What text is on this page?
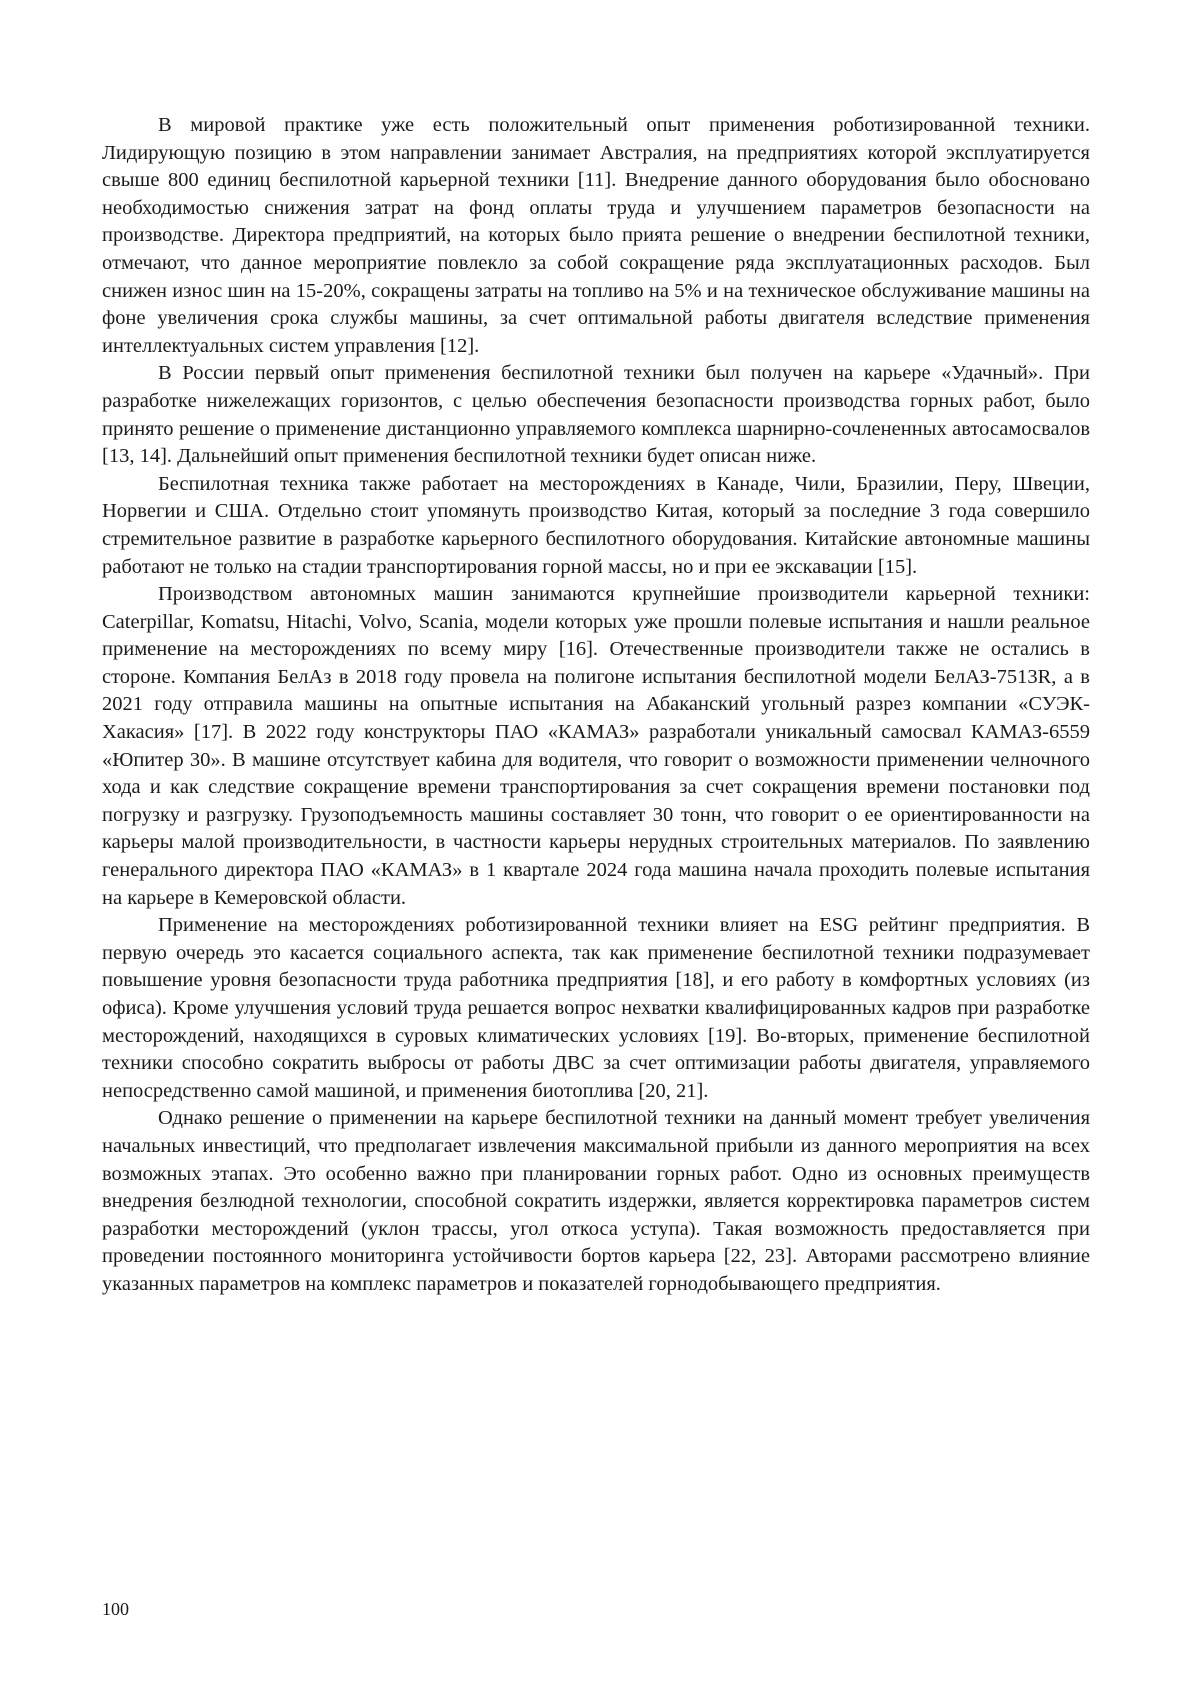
В мировой практике уже есть положительный опыт применения роботизированной техники. Лидирующую позицию в этом направлении занимает Австралия, на предприятиях которой эксплуатируется свыше 800 единиц беспилотной карьерной техники [11]. Внедрение данного оборудования было обосновано необходимостью снижения затрат на фонд оплаты труда и улучшением параметров безопасности на производстве. Директора предприятий, на которых было прията решение о внедрении беспилотной техники, отмечают, что данное мероприятие повлекло за собой сокращение ряда эксплуатационных расходов. Был снижен износ шин на 15-20%, сокращены затраты на топливо на 5% и на техническое обслуживание машины на фоне увеличения срока службы машины, за счет оптимальной работы двигателя вследствие применения интеллектуальных систем управления [12].

В России первый опыт применения беспилотной техники был получен на карьере «Удачный». При разработке нижележащих горизонтов, с целью обеспечения безопасности производства горных работ, было принято решение о применение дистанционно управляемого комплекса шарнирно-сочлененных автосамосвалов [13, 14]. Дальнейший опыт применения беспилотной техники будет описан ниже.

Беспилотная техника также работает на месторождениях в Канаде, Чили, Бразилии, Перу, Швеции, Норвегии и США. Отдельно стоит упомянуть производство Китая, который за последние 3 года совершило стремительное развитие в разработке карьерного беспилотного оборудования. Китайские автономные машины работают не только на стадии транспортирования горной массы, но и при ее экскавации [15].

Производством автономных машин занимаются крупнейшие производители карьерной техники: Caterpillar, Komatsu, Hitachi, Volvo, Scania, модели которых уже прошли полевые испытания и нашли реальное применение на месторождениях по всему миру [16]. Отечественные производители также не остались в стороне. Компания БелАз в 2018 году провела на полигоне испытания беспилотной модели БелАЗ-7513R, а в 2021 году отправила машины на опытные испытания на Абаканский угольный разрез компании «СУЭК-Хакасия» [17]. В 2022 году конструкторы ПАО «КАМАЗ» разработали уникальный самосвал КАМАЗ-6559 «Юпитер 30». В машине отсутствует кабина для водителя, что говорит о возможности применении челночного хода и как следствие сокращение времени транспортирования за счет сокращения времени постановки под погрузку и разгрузку. Грузоподъемность машины составляет 30 тонн, что говорит о ее ориентированности на карьеры малой производительности, в частности карьеры нерудных строительных материалов. По заявлению генерального директора ПАО «КАМАЗ» в 1 квартале 2024 года машина начала проходить полевые испытания на карьере в Кемеровской области.

Применение на месторождениях роботизированной техники влияет на ESG рейтинг предприятия. В первую очередь это касается социального аспекта, так как применение беспилотной техники подразумевает повышение уровня безопасности труда работника предприятия [18], и его работу в комфортных условиях (из офиса). Кроме улучшения условий труда решается вопрос нехватки квалифицированных кадров при разработке месторождений, находящихся в суровых климатических условиях [19]. Во-вторых, применение беспилотной техники способно сократить выбросы от работы ДВС за счет оптимизации работы двигателя, управляемого непосредственно самой машиной, и применения биотоплива [20, 21].

Однако решение о применении на карьере беспилотной техники на данный момент требует увеличения начальных инвестиций, что предполагает извлечения максимальной прибыли из данного мероприятия на всех возможных этапах. Это особенно важно при планировании горных работ. Одно из основных преимуществ внедрения безлюдной технологии, способной сократить издержки, является корректировка параметров систем разработки месторождений (уклон трассы, угол откоса уступа). Такая возможность предоставляется при проведении постоянного мониторинга устойчивости бортов карьера [22, 23]. Авторами рассмотрено влияние указанных параметров на комплекс параметров и показателей горнодобывающего предприятия.

100
